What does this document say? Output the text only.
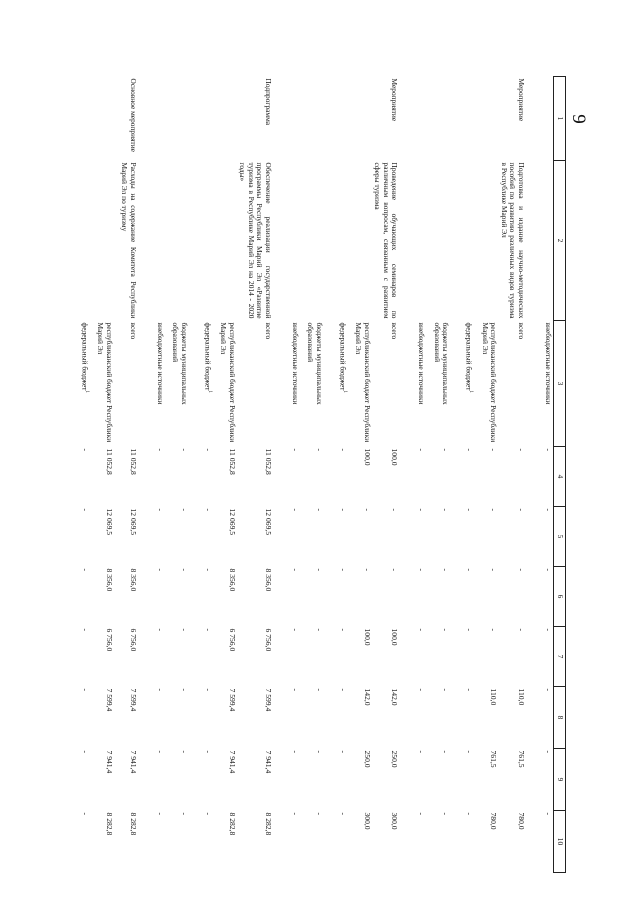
9
1	2	3	4	5	6	7	8	9	10
		внебюджетные источники	-	-	-	-	-	-	-
Мероприятие	Подготовка и издание научно-методических пособий по развитию различных видов туризма в Республике Марий Эл	всего	-	-	-	-	110,0	761,5	780,0
		республиканский бюджет Республики Марий Эл	-	-	-	-	110,0	761,5	780,0
		федеральный бюджет$^1$	-	-	-	-	-	-	-
		бюджеты муниципальных образований	-	-	-	-	-	-	-
		внебюджетные источники	-	-	-	-	-	-	-
Мероприятие	Проведение обучающих семинаров по различным вопросам, связанным с развитием сферы туризма	всего	100,0	-	-	100,0	142,0	250,0	300,0
		республиканский бюджет Республики Марий Эл	100,0	-	-	100,0	142,0	250,0	300,0
		федеральный бюджет$^1$	-	-	-	-	-	-	-
		бюджеты муниципальных образований	-	-	-	-	-	-	-
		внебюджетные источники	-	-	-	-	-	-	-
Подпрограмма	Обеспечение реализации государственной программы Республики Марий Эл «Развитие туризма в Республике Марий Эл на 2014 - 2020 годы»	всего	11 052,8	12 069,5	8 356,0	6 756,0	7 599,4	7 941,4	8 282,8
		республиканский бюджет Республики Марий Эл	11 052,8	12 069,5	8 356,0	6 756,0	7 599,4	7 941,4	8 282,8
		федеральный бюджет$^1$	-	-	-	-	-	-	-
		бюджеты муниципальных образований	-	-	-	-	-	-	-
		внебюджетные источники	-	-	-	-	-	-	-
Основное мероприятие	Расходы на содержание Комитета Республики Марий Эл по туризму	всего	11 052,8	12 069,5	8 356,0	6 756,0	7 599,4	7 941,4	8 282,8
		республиканский бюджет Республики Марий Эл	11 052,8	12 069,5	8 356,0	6 756,0	7 599,4	7 941,4	8 282,8
		федеральный бюджет$^1$	-	-	-	-	-	-	-
